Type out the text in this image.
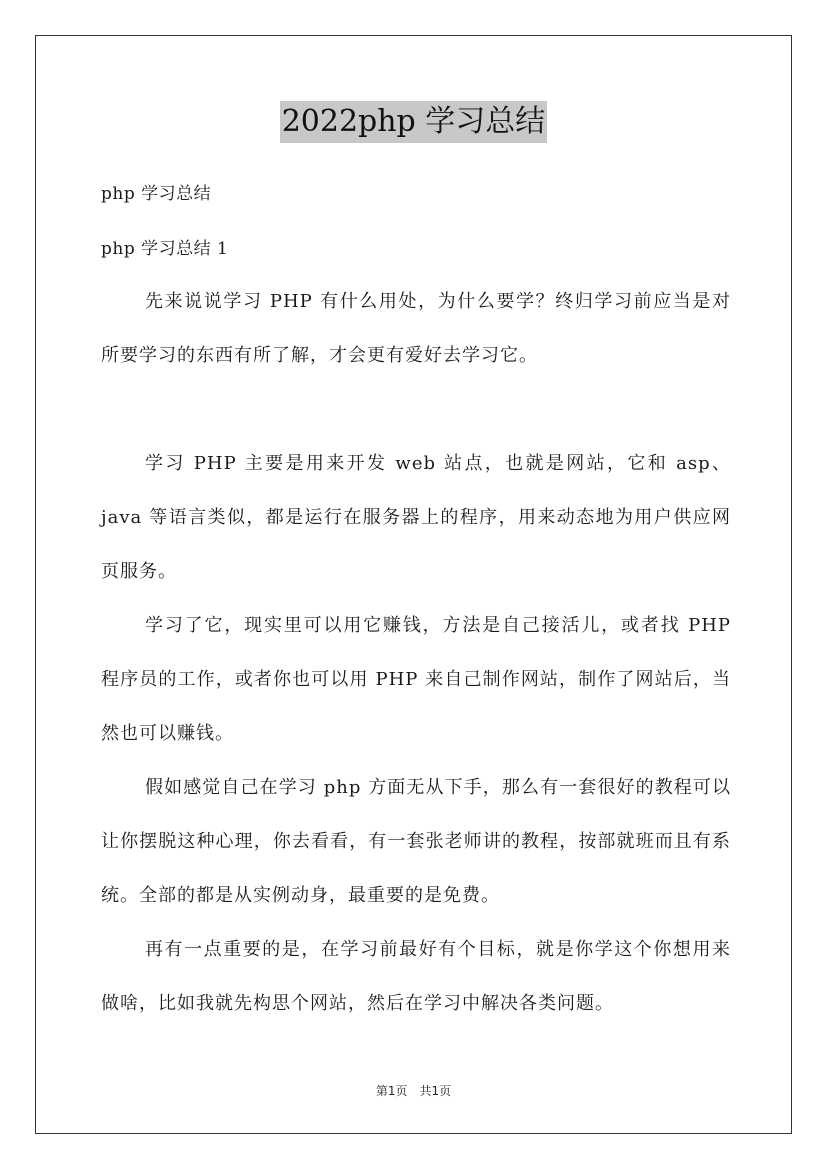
2022php 学习总结
php 学习总结
php 学习总结 1

先来说说学习 PHP 有什么用处，为什么要学？终归学习前应当是对所要学习的东西有所了解，才会更有爱好去学习它。

学习 PHP 主要是用来开发 web 站点，也就是网站，它和 asp、java 等语言类似，都是运行在服务器上的程序，用来动态地为用户供应网页服务。

学习了它，现实里可以用它赚钱，方法是自己接活儿，或者找 PHP 程序员的工作，或者你也可以用 PHP 来自己制作网站，制作了网站后，当然也可以赚钱。

假如感觉自己在学习 php 方面无从下手，那么有一套很好的教程可以让你摆脱这种心理，你去看看，有一套张老师讲的教程，按部就班而且有系统。全部的都是从实例动身，最重要的是免费。

再有一点重要的是，在学习前最好有个目标，就是你学这个你想用来做啥，比如我就先构思个网站，然后在学习中解决各类问题。

第1页 共1页
